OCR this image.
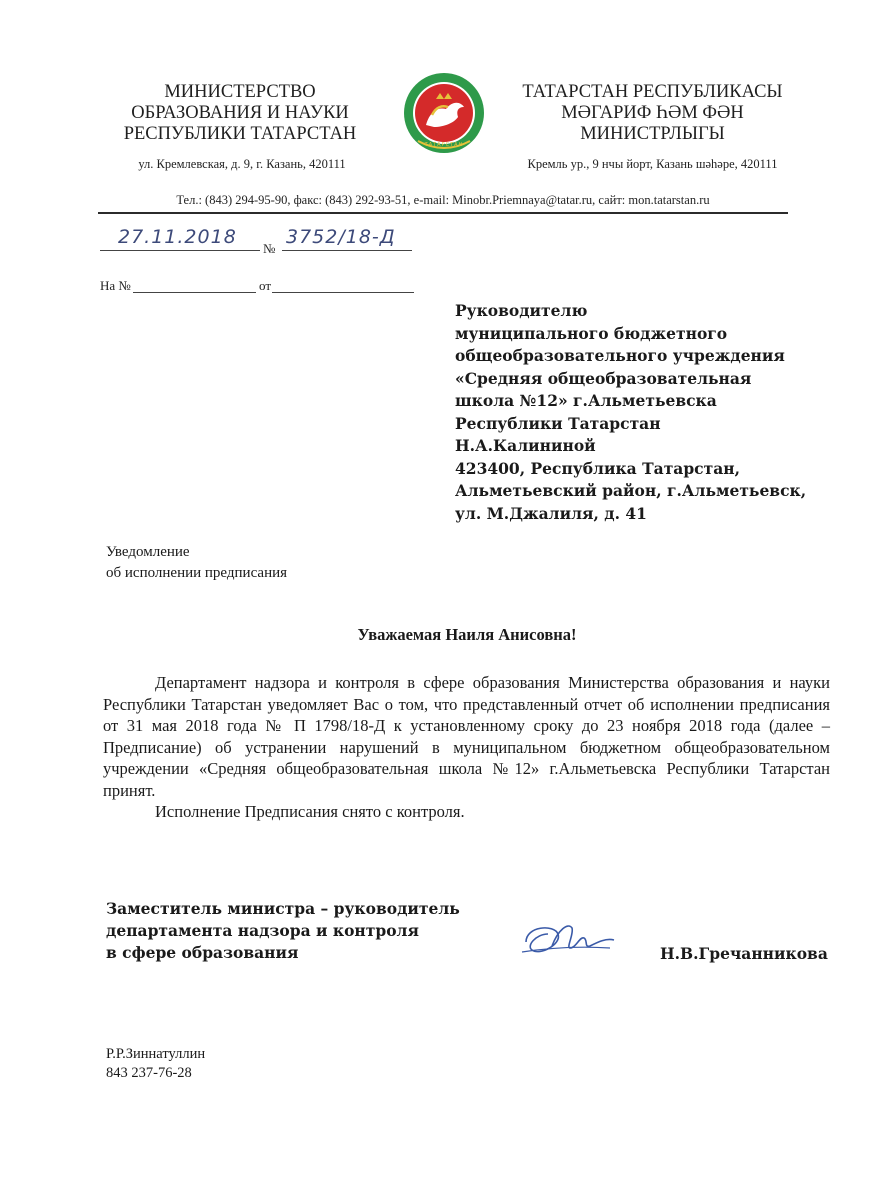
МИНИСТЕРСТВО
ОБРАЗОВАНИЯ И НАУКИ
РЕСПУБЛИКИ ТАТАРСТАН
ул. Кремлевская, д. 9, г. Казань, 420111
ТАТАРСТАН
ТАТАРСТАН РЕСПУБЛИКАСЫ
МӘГАРИФ ҺӘМ ФӘН
МИНИСТРЛЫГЫ
Кремль ур., 9 нчы йорт, Казань шәһәре, 420111
Тел.: (843) 294-95-90, факс: (843) 292-93-51, e-mail: Minobr.Priemnaya@tatar.ru, сайт: mon.tatarstan.ru
27.11.2018
№
3752/18-Д
На №	от
Руководителю
муниципального бюджетного
общеобразовательного учреждения
«Средняя общеобразовательная
школа №12» г.Альметьевска
Республики Татарстан
Н.А.Калининой
423400, Республика Татарстан,
Альметьевский район, г.Альметьевск,
ул. М.Джалиля, д. 41
Уведомление
об исполнении предписания
Уважаемая Наиля Анисовна!

Департамент надзора и контроля в сфере образования Министерства образования и науки Республики Татарстан уведомляет Вас о том, что представленный отчет об исполнении предписания от 31 мая 2018 года № П 1798/18-Д к установленному сроку до 23 ноября 2018 года (далее – Предписание) об устранении нарушений в муниципальном бюджетном общеобразовательном учреждении «Средняя общеобразовательная школа №12» г.Альметьевска Республики Татарстан принят.

Исполнение Предписания снято с контроля.

Заместитель министра – руководитель
департамента надзора и контроля
в сфере образования	Н.В.Гречанникова
Р.Р.Зиннатуллин
843 237-76-28
